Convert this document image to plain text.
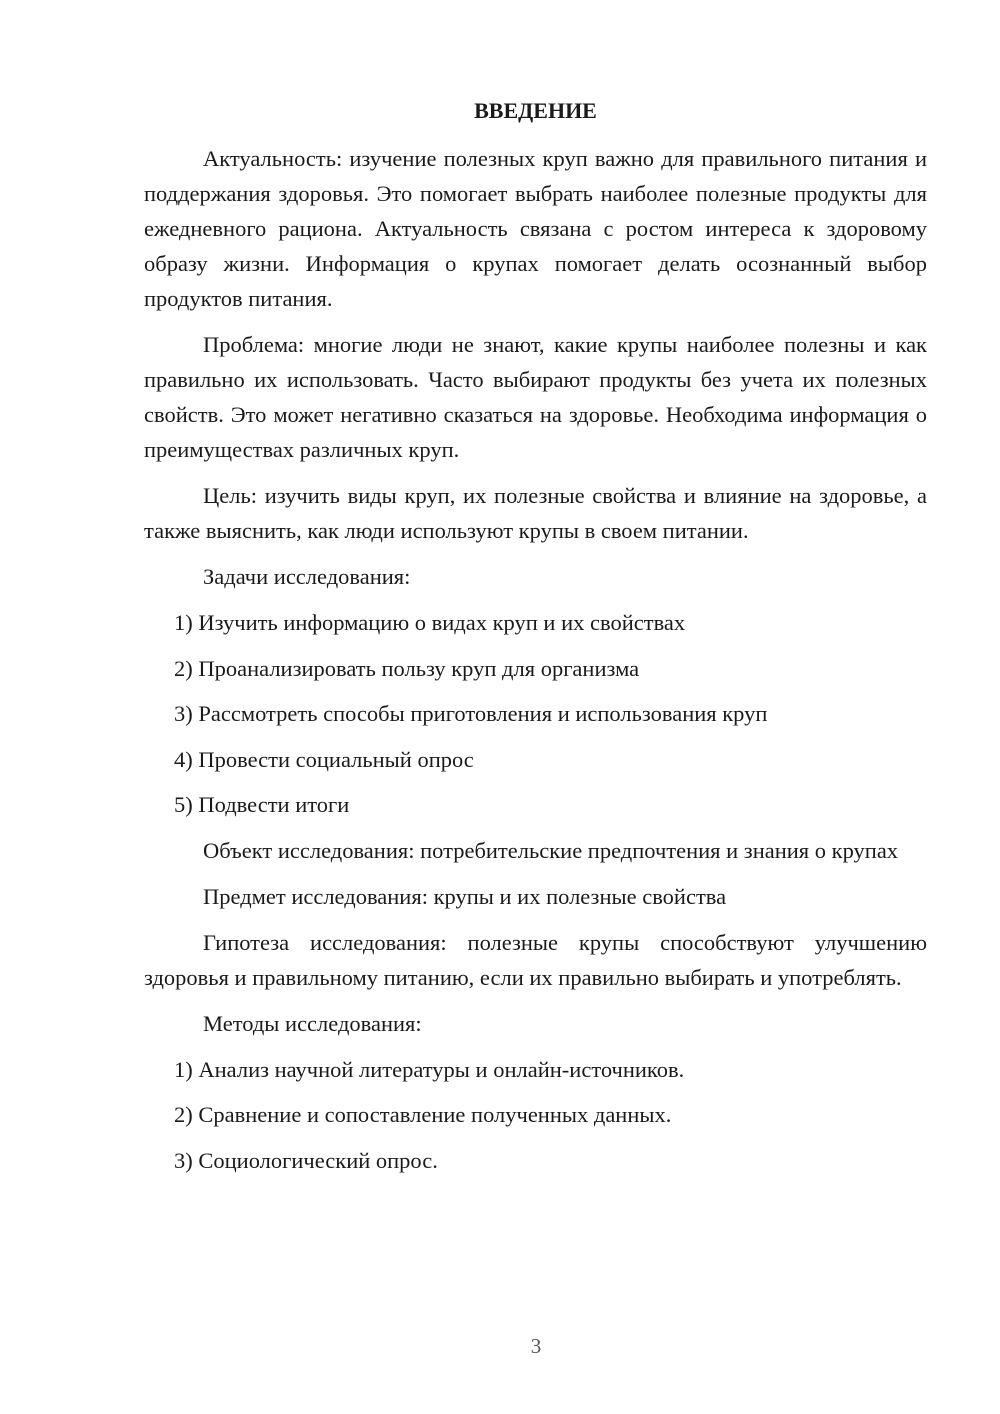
ВВЕДЕНИЕ

Актуальность: изучение полезных круп важно для правильного питания и поддержания здоровья. Это помогает выбрать наиболее полезные продукты для ежедневного рациона. Актуальность связана с ростом интереса к здоровому образу жизни. Информация о крупах помогает делать осознанный выбор продуктов питания.

Проблема: многие люди не знают, какие крупы наиболее полезны и как правильно их использовать. Часто выбирают продукты без учета их полезных свойств. Это может негативно сказаться на здоровье. Необходима информация о преимуществах различных круп.

Цель: изучить виды круп, их полезные свойства и влияние на здоровье, а также выяснить, как люди используют крупы в своем питании.

Задачи исследования:

1) Изучить информацию о видах круп и их свойствах

2) Проанализировать пользу круп для организма

3) Рассмотреть способы приготовления и использования круп

4) Провести социальный опрос

5) Подвести итоги

Объект исследования: потребительские предпочтения и знания о крупах

Предмет исследования: крупы и их полезные свойства

Гипотеза исследования: полезные крупы способствуют улучшению здоровья и правильному питанию, если их правильно выбирать и употреблять.

Методы исследования:

1) Анализ научной литературы и онлайн-источников.

2) Сравнение и сопоставление полученных данных.

3) Социологический опрос.

3
